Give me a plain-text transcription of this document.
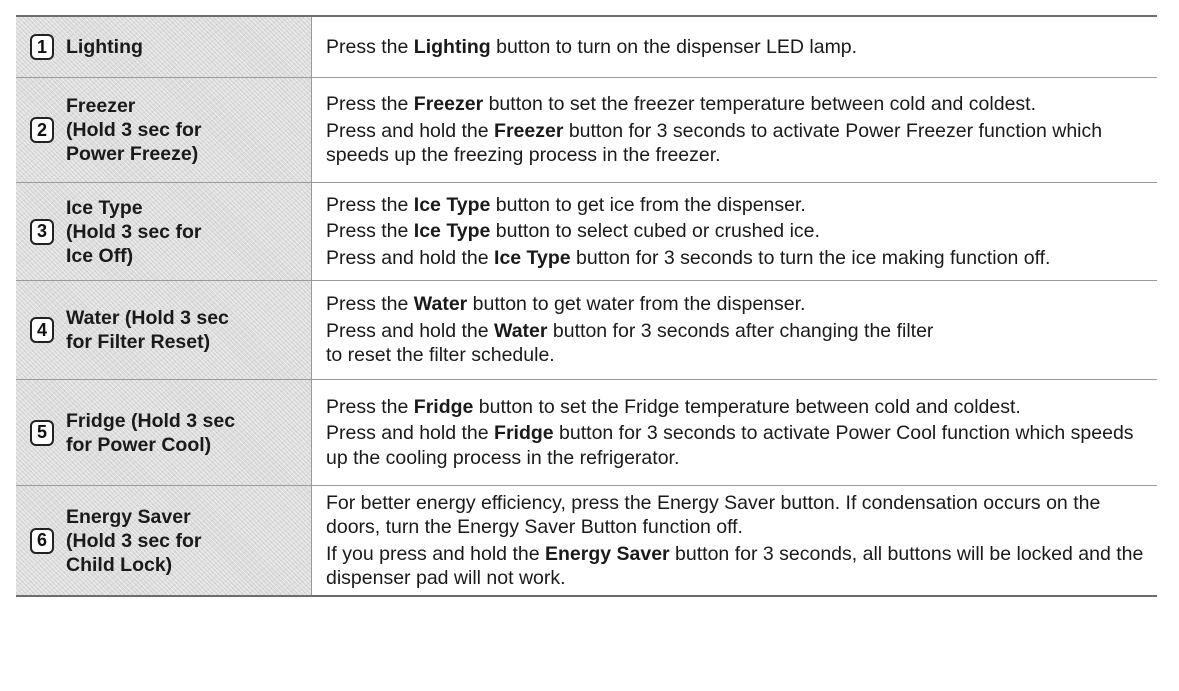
1 Lighting	Press the Lighting button to turn on the dispenser LED lamp.
2
Freezer
(Hold 3 sec for
Power Freeze)
Press the Freezer button to set the freezer temperature between cold and coldest.
Press and hold the Freezer button for 3 seconds to activate Power Freezer function which speeds up the freezing process in the freezer.
3
Ice Type
(Hold 3 sec for
Ice Off)
Press the Ice Type button to get ice from the dispenser.
Press the Ice Type button to select cubed or crushed ice.
Press and hold the Ice Type button for 3 seconds to turn the ice making function off.
4
Water (Hold 3 sec
for Filter Reset)
Press the Water button to get water from the dispenser.
Press and hold the Water button for 3 seconds after changing the filter
to reset the filter schedule.
5
Fridge (Hold 3 sec
for Power Cool)
Press the Fridge button to set the Fridge temperature between cold and coldest.
Press and hold the Fridge button for 3 seconds to activate Power Cool function which speeds up the cooling process in the refrigerator.
6
Energy Saver
(Hold 3 sec for
Child Lock)
For better energy efficiency, press the Energy Saver button. If condensation occurs on the doors, turn the Energy Saver Button function off.
If you press and hold the Energy Saver button for 3 seconds, all buttons will be locked and the dispenser pad will not work.
